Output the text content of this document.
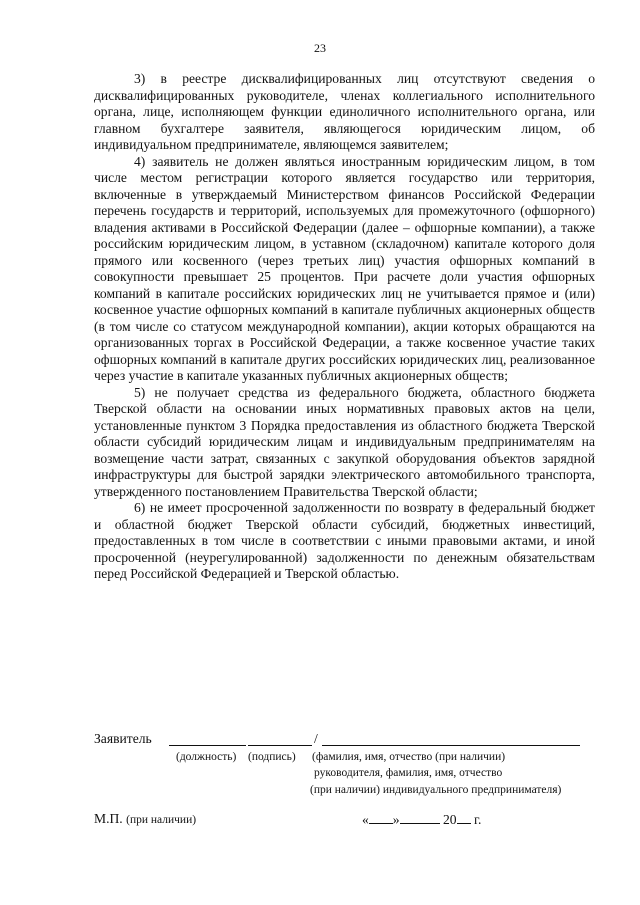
23

3) в реестре дисквалифицированных лиц отсутствуют сведения о дисквалифицированных руководителе, членах коллегиального исполнительного органа, лице, исполняющем функции единоличного исполнительного органа, или главном бухгалтере заявителя, являющегося юридическим лицом, об индивидуальном предпринимателе, являющемся заявителем;

4) заявитель не должен являться иностранным юридическим лицом, в том числе местом регистрации которого является государство или территория, включенные в утверждаемый Министерством финансов Российской Федерации перечень государств и территорий, используемых для промежуточного (офшорного) владения активами в Российской Федерации (далее – офшорные компании), а также российским юридическим лицом, в уставном (складочном) капитале которого доля прямого или косвенного (через третьих лиц) участия офшорных компаний в совокупности превышает 25 процентов. При расчете доли участия офшорных компаний в капитале российских юридических лиц не учитывается прямое и (или) косвенное участие офшорных компаний в капитале публичных акционерных обществ (в том числе со статусом международной компании), акции которых обращаются на организованных торгах в Российской Федерации, а также косвенное участие таких офшорных компаний в капитале других российских юридических лиц, реализованное через участие в капитале указанных публичных акционерных обществ;

5) не получает средства из федерального бюджета, областного бюджета Тверской области на основании иных нормативных правовых актов на цели, установленные пунктом 3 Порядка предоставления из областного бюджета Тверской области субсидий юридическим лицам и индивидуальным предпринимателям на возмещение части затрат, связанных с закупкой оборудования объектов зарядной инфраструктуры для быстрой зарядки электрического автомобильного транспорта, утвержденного постановлением Правительства Тверской области;

6) не имеет просроченной задолженности по возврату в федеральный бюджет и областной бюджет Тверской области субсидий, бюджетных инвестиций, предоставленных в том числе в соответствии с иными правовыми актами, и иной просроченной (неурегулированной) задолженности по денежным обязательствам перед Российской Федерацией и Тверской областью.

Заявитель	/
(должность) (подпись) (фамилия, имя, отчество (при наличии)
руководителя, фамилия, имя, отчество
(при наличии) индивидуального предпринимателя)
М.П. (при наличии)	« »	20 г.
